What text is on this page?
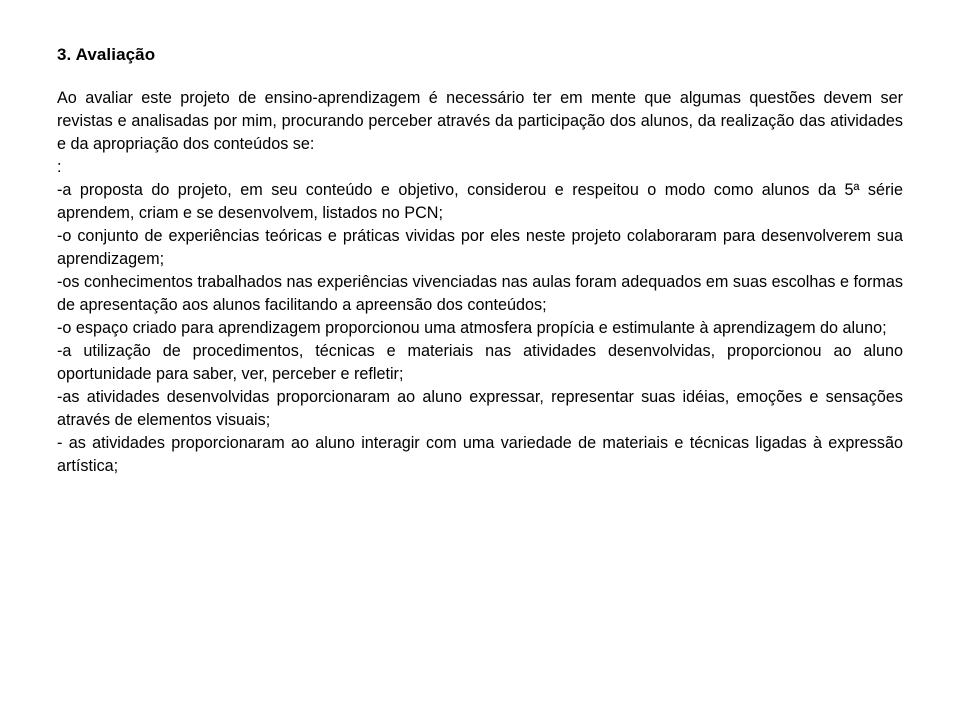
3. Avaliação
Ao avaliar este projeto de ensino-aprendizagem é necessário ter em mente que algumas questões devem ser revistas e analisadas por mim, procurando perceber através da participação dos alunos, da realização das atividades e da apropriação dos conteúdos se:
:
-a proposta do projeto, em seu conteúdo e objetivo, considerou e respeitou o modo como alunos da 5ª série aprendem, criam e se desenvolvem, listados no PCN;
-o conjunto de experiências teóricas e práticas vividas por eles neste projeto colaboraram para desenvolverem sua aprendizagem;
-os conhecimentos trabalhados nas experiências vivenciadas nas aulas foram adequados em suas escolhas e formas de apresentação aos alunos facilitando a apreensão dos conteúdos;
-o espaço criado para aprendizagem proporcionou uma atmosfera propícia e estimulante à aprendizagem do aluno;
-a utilização de procedimentos, técnicas e materiais nas atividades desenvolvidas, proporcionou ao aluno oportunidade para saber, ver, perceber e refletir;
-as atividades desenvolvidas proporcionaram ao aluno expressar, representar suas idéias, emoções e sensações através de elementos visuais;
- as atividades proporcionaram ao aluno interagir com uma variedade de materiais e técnicas ligadas à expressão artística;
